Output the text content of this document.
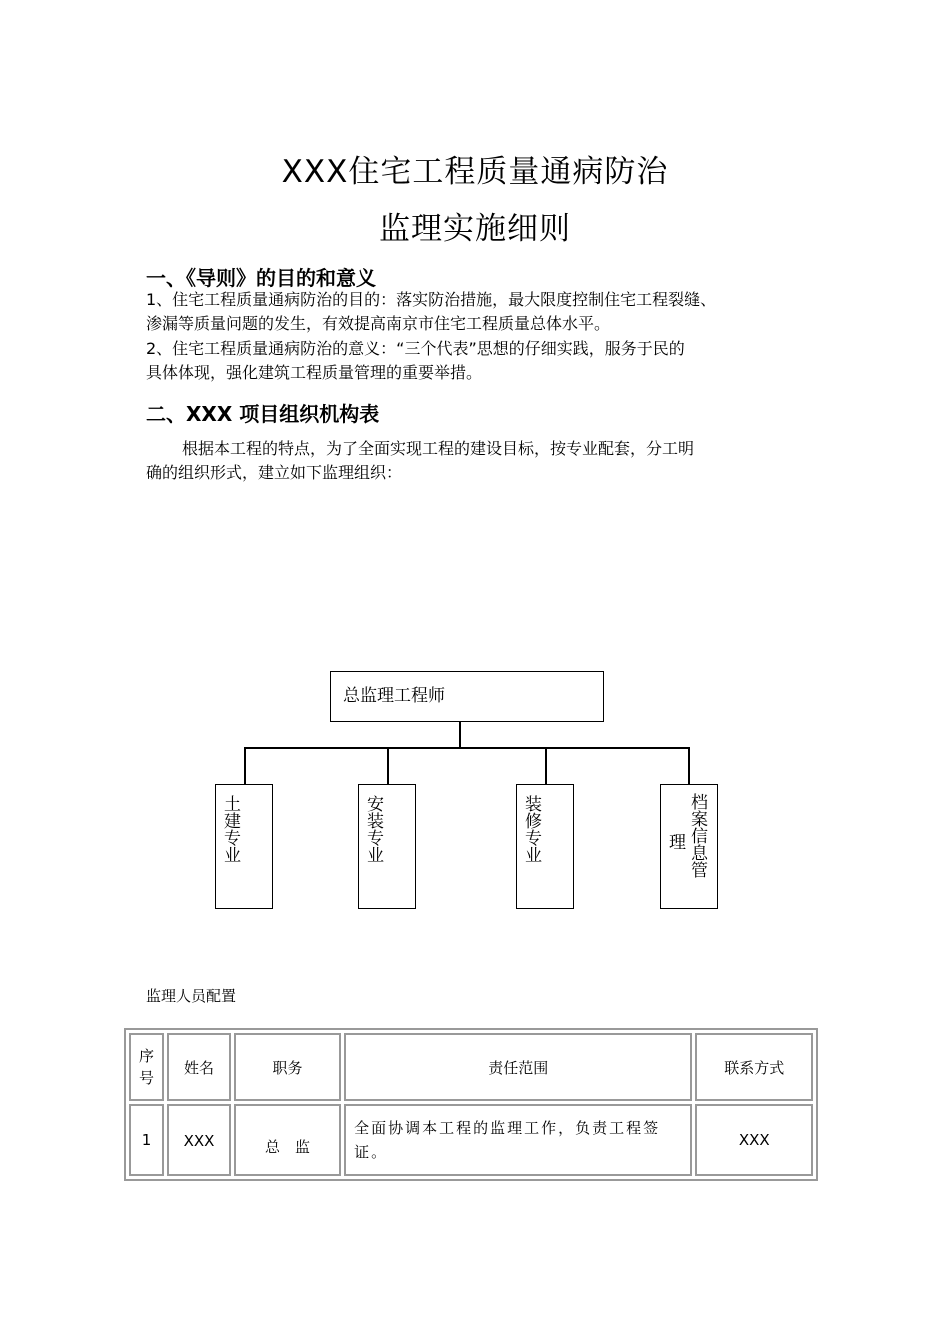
XXX住宅工程质量通病防治
监理实施细则
一、《导则》的目的和意义
1、住宅工程质量通病防治的目的：落实防治措施，最大限度控制住宅工程裂缝、
渗漏等质量问题的发生，有效提高南京市住宅工程质量总体水平。
2、住宅工程质量通病防治的意义：“三个代表”思想的仔细实践，服务于民的
具体体现，强化建筑工程质量管理的重要举措。
二、XXX 项目组织机构表
根据本工程的特点，为了全面实现工程的建设目标，按专业配套，分工明
确的组织形式，建立如下监理组织：
总监理工程师
土建专业	安装专业	装修专业	档案信息管
理
监理人员配置
序号	姓名	职务	责任范围	联系方式
1	XXX	总　监	全面协调本工程的监理工作，负责工程签证。	XXX
